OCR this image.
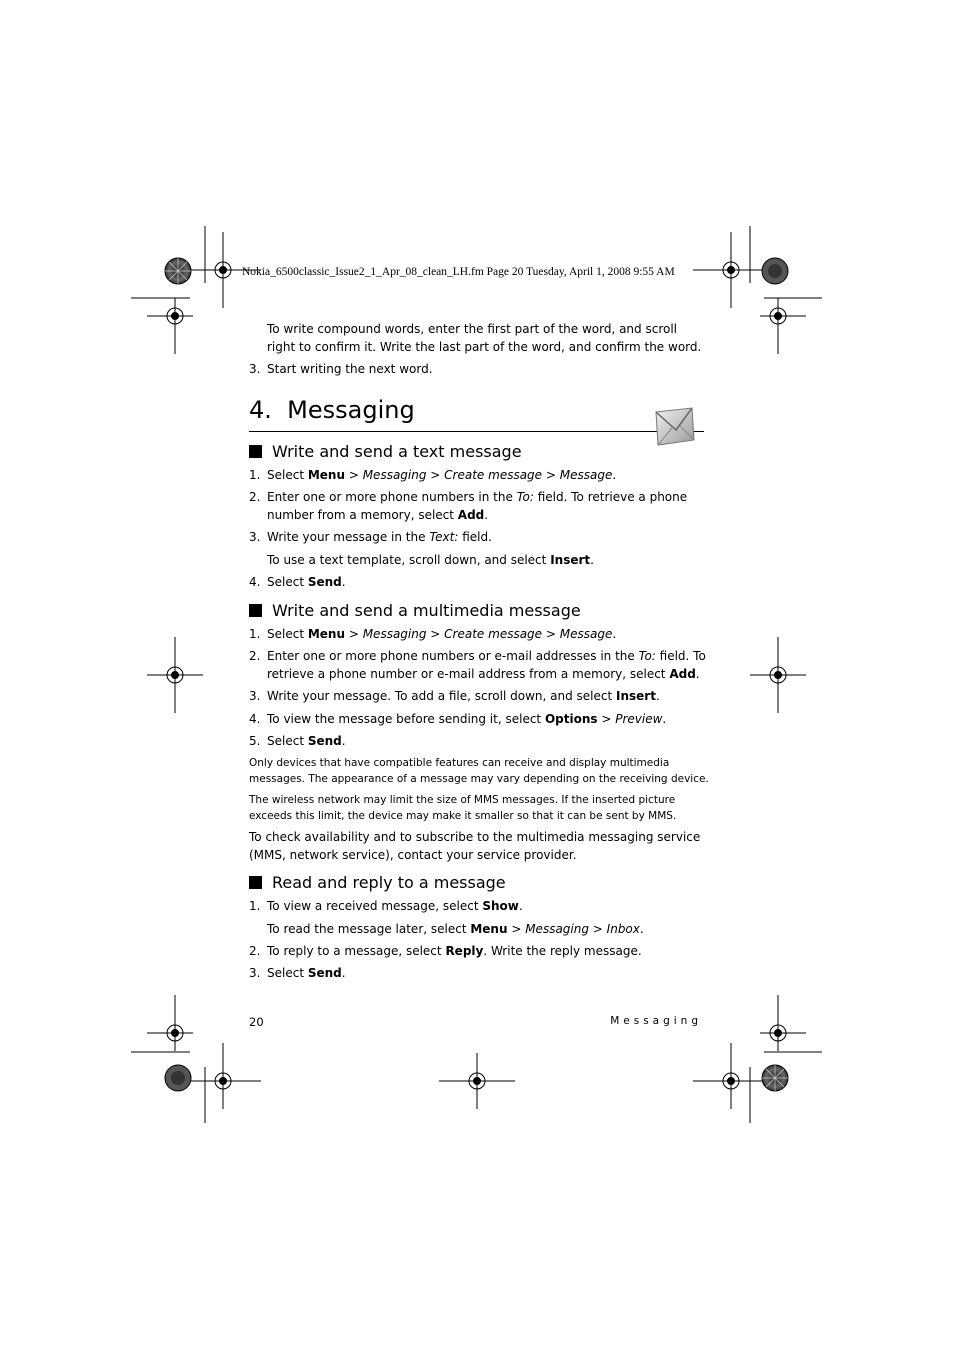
Nokia_6500classic_Issue2_1_Apr_08_clean_LH.fm Page 20 Tuesday, April 1, 2008 9:55 AM
To write compound words, enter the first part of the word, and scroll right to confirm it. Write the last part of the word, and confirm the word.
3. Start writing the next word.
4. Messaging
Write and send a text message
1. Select Menu > Messaging > Create message > Message.
2. Enter one or more phone numbers in the To: field. To retrieve a phone number from a memory, select Add.
3. Write your message in the Text: field.
To use a text template, scroll down, and select Insert.
4. Select Send.
Write and send a multimedia message
1. Select Menu > Messaging > Create message > Message.
2. Enter one or more phone numbers or e-mail addresses in the To: field. To retrieve a phone number or e-mail address from a memory, select Add.
3. Write your message. To add a file, scroll down, and select Insert.
4. To view the message before sending it, select Options > Preview.
5. Select Send.
Only devices that have compatible features can receive and display multimedia messages. The appearance of a message may vary depending on the receiving device.
The wireless network may limit the size of MMS messages. If the inserted picture exceeds this limit, the device may make it smaller so that it can be sent by MMS.
To check availability and to subscribe to the multimedia messaging service (MMS, network service), contact your service provider.
Read and reply to a message
1. To view a received message, select Show.
To read the message later, select Menu > Messaging > Inbox.
2. To reply to a message, select Reply. Write the reply message.
3. Select Send.
20	Messaging
